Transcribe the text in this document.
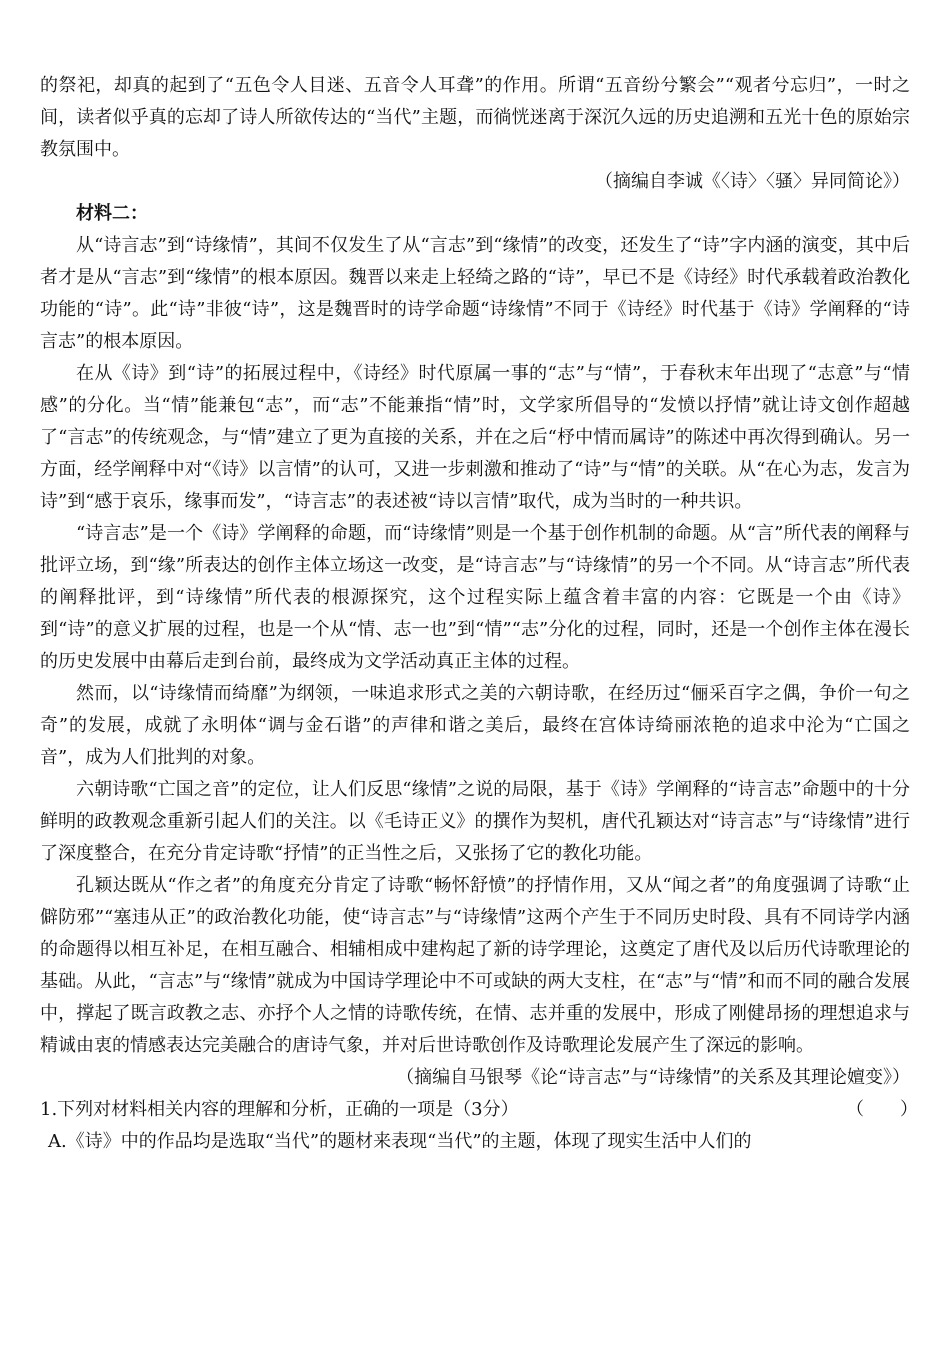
的祭祀，却真的起到了“五色令人目迷、五音令人耳聋”的作用。所谓“五音纷兮繁会”“观者兮忘归”，一时之间，读者似乎真的忘却了诗人所欲传达的“当代”主题，而徜恍迷离于深沉久远的历史追溯和五光十色的原始宗教氛围中。

（摘编自李诚《〈诗〉〈骚〉异同简论》）

材料二：

从“诗言志”到“诗缘情”，其间不仅发生了从“言志”到“缘情”的改变，还发生了“诗”字内涵的演变，其中后者才是从“言志”到“缘情”的根本原因。魏晋以来走上轻绮之路的“诗”，早已不是《诗经》时代承载着政治教化功能的“诗”。此“诗”非彼“诗”，这是魏晋时的诗学命题“诗缘情”不同于《诗经》时代基于《诗》学阐释的“诗言志”的根本原因。

在从《诗》到“诗”的拓展过程中，《诗经》时代原属一事的“志”与“情”，于春秋末年出现了“志意”与“情感”的分化。当“情”能兼包“志”，而“志”不能兼指“情”时，文学家所倡导的“发愤以抒情”就让诗文创作超越了“言志”的传统观念，与“情”建立了更为直接的关系，并在之后“杼中情而属诗”的陈述中再次得到确认。另一方面，经学阐释中对“《诗》以言情”的认可，又进一步刺激和推动了“诗”与“情”的关联。从“在心为志，发言为诗”到“感于哀乐，缘事而发”，“诗言志”的表述被“诗以言情”取代，成为当时的一种共识。

“诗言志”是一个《诗》学阐释的命题，而“诗缘情”则是一个基于创作机制的命题。从“言”所代表的阐释与批评立场，到“缘”所表达的创作主体立场这一改变，是“诗言志”与“诗缘情”的另一个不同。从“诗言志”所代表的阐释批评，到“诗缘情”所代表的根源探究，这个过程实际上蕴含着丰富的内容：它既是一个由《诗》到“诗”的意义扩展的过程，也是一个从“情、志一也”到“情”“志”分化的过程，同时，还是一个创作主体在漫长的历史发展中由幕后走到台前，最终成为文学活动真正主体的过程。

然而，以“诗缘情而绮靡”为纲领，一味追求形式之美的六朝诗歌，在经历过“俪采百字之偶，争价一句之奇”的发展，成就了永明体“调与金石谐”的声律和谐之美后，最终在宫体诗绮丽浓艳的追求中沦为“亡国之音”，成为人们批判的对象。

六朝诗歌“亡国之音”的定位，让人们反思“缘情”之说的局限，基于《诗》学阐释的“诗言志”命题中的十分鲜明的政教观念重新引起人们的关注。以《毛诗正义》的撰作为契机，唐代孔颖达对“诗言志”与“诗缘情”进行了深度整合，在充分肯定诗歌“抒情”的正当性之后，又张扬了它的教化功能。

孔颖达既从“作之者”的角度充分肯定了诗歌“畅怀舒愤”的抒情作用，又从“闻之者”的角度强调了诗歌“止僻防邪”“塞违从正”的政治教化功能，使“诗言志”与“诗缘情”这两个产生于不同历史时段、具有不同诗学内涵的命题得以相互补足，在相互融合、相辅相成中建构起了新的诗学理论，这奠定了唐代及以后历代诗歌理论的基础。从此，“言志”与“缘情”就成为中国诗学理论中不可或缺的两大支柱，在“志”与“情”和而不同的融合发展中，撑起了既言政教之志、亦抒个人之情的诗歌传统，在情、志并重的发展中，形成了刚健昂扬的理想追求与精诚由衷的情感表达完美融合的唐诗气象，并对后世诗歌创作及诗歌理论发展产生了深远的影响。

（摘编自马银琴《论“诗言志”与“诗缘情”的关系及其理论嬗变》）

1.下列对材料相关内容的理解和分析，正确的一项是（3分）	（　　）

A.《诗》中的作品均是选取“当代”的题材来表现“当代”的主题，体现了现实生活中人们的
